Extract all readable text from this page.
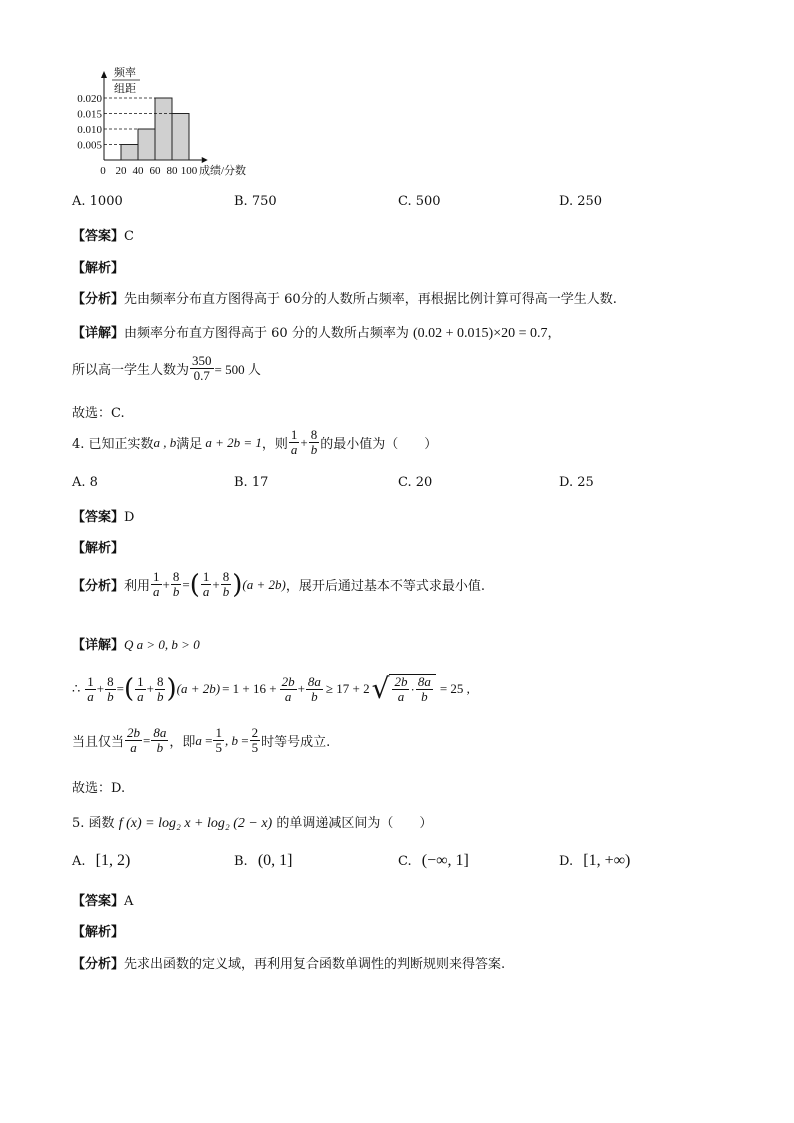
频率
组距
0.005
0.010
0.015
0.020
0 20 40 60 80 100 成绩/分数
A. 1000	B. 750	C. 500	D. 250
【答案】C
【解析】
【分析】先由频率分布直方图得高于 60分的人数所占频率，再根据比例计算可得高一学生人数.
【详解】由频率分布直方图得高于 60 分的人数所占频率为 (0.02 + 0.015)×20 = 0.7，
所以高一学生人数为 $\frac{350}{0.7} = 500$ 人
故选：C.
4. 已知正实数 a , b 满足 a + 2b = 1 ，则 $\frac{1}{a} + \frac{8}{b}$ 的最小值为（　　）
A. 8	B. 17	C. 20	D. 25
【答案】D
【解析】
【分析】 利用 $\frac{1}{a} + \frac{8}{b}$ = ( $\frac{1}{a} + \frac{8}{b}$ ) (a + 2b) ，展开后通过基本不等式求最小值.
【详解】Q a > 0, b > 0
∴ $\frac{1}{a} + \frac{8}{b}$ = ( $\frac{1}{a} + \frac{8}{b}$ ) $(a + 2b) = 1 + 16 + \frac{2b}{a} + \frac{8a}{b} \ge 17 + 2$ √ $\frac{2b}{a} \cdot \frac{8a}{b} = 25$ ,
当且仅当 $\frac{2b}{a} = \frac{8a}{b}$ ，即 $a = \frac{1}{5}$ , $b = \frac{2}{5}$ 时等号成立.
故选：D.
5. 函数 f (x) = log₂ x + log₂ (2 − x) 的单调递减区间为（　　）
A. [1, 2)	B. (0, 1]	C. (−∞, 1]	D. [1, +∞)
【答案】A
【解析】
【分析】先求出函数的定义域，再利用复合函数单调性的判断规则来得答案.
